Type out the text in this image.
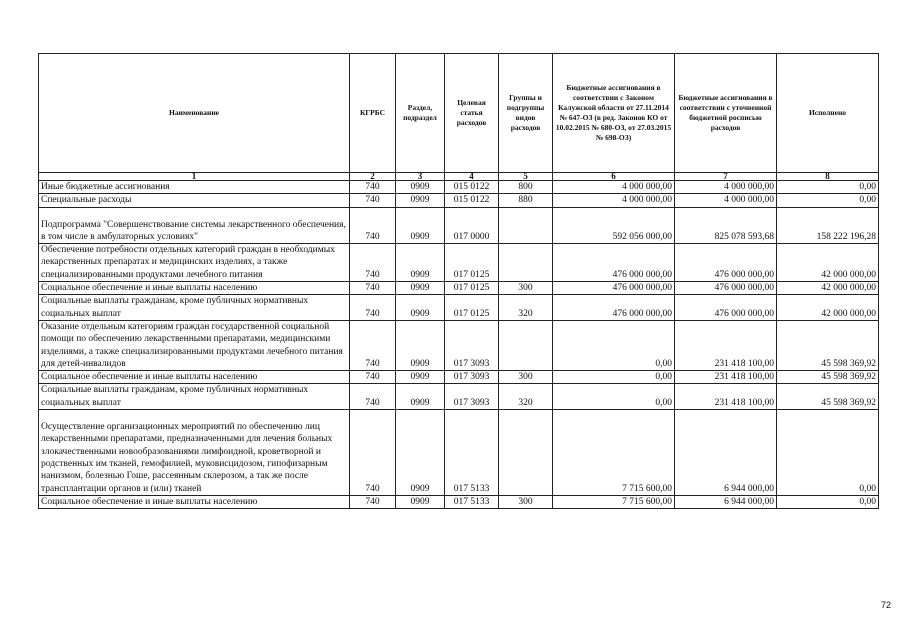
Наименование	КГРБС	Раздел, подраздел	Целевая статья расходов	Группы и подгруппы видов расходов	Бюджетные ассигнования в соответствии с Законом Калужской области от 27.11.2014 № 647-ОЗ (в ред. Законов КО от 10.02.2015 № 680-ОЗ, от 27.03.2015 № 698-ОЗ)	Бюджетные ассигнования в соответствии с уточненной бюджетной росписью расходов	Исполнено
1	2	3	4	5	6	7	8
Иные бюджетные ассигнования	740	0909	015 0122	800	4 000 000,00	4 000 000,00	0,00
Специальные расходы	740	0909	015 0122	880	4 000 000,00	4 000 000,00	0,00
Подпрограмма "Совершенствование системы лекарственного обеспечения, в том числе в амбулаторных условиях"	740	0909	017 0000		592 056 000,00	825 078 593,68	158 222 196,28
Обеспечение потребности отдельных категорий граждан в необходимых лекарственных препаратах и медицинских изделиях, а также специализированными продуктами лечебного питания	740	0909	017 0125		476 000 000,00	476 000 000,00	42 000 000,00
Социальное обеспечение и иные выплаты населению	740	0909	017 0125	300	476 000 000,00	476 000 000,00	42 000 000,00
Социальные выплаты гражданам, кроме публичных нормативных социальных выплат	740	0909	017 0125	320	476 000 000,00	476 000 000,00	42 000 000,00
Оказание отдельным категориям граждан государственной социальной помощи по обеспечению лекарственными препаратами, медицинскими изделиями, а также специализированными продуктами лечебного питания для детей-инвалидов	740	0909	017 3093		0,00	231 418 100,00	45 598 369,92
Социальное обеспечение и иные выплаты населению	740	0909	017 3093	300	0,00	231 418 100,00	45 598 369,92
Социальные выплаты гражданам, кроме публичных нормативных социальных выплат	740	0909	017 3093	320	0,00	231 418 100,00	45 598 369,92
Осуществление организационных мероприятий по обеспечению лиц лекарственными препаратами, предназначенными для лечения больных злокачественными новообразованиями лимфоидной, кроветворной и родственных им тканей, гемофилией, муковисцидозом, гипофизарным нанизмом, болезнью Гоше, рассеянным склерозом, а так же после трансплантации органов и (или) тканей	740	0909	017 5133		7 715 600,00	6 944 000,00	0,00
Социальное обеспечение и иные выплаты населению	740	0909	017 5133	300	7 715 600,00	6 944 000,00	0,00
72
